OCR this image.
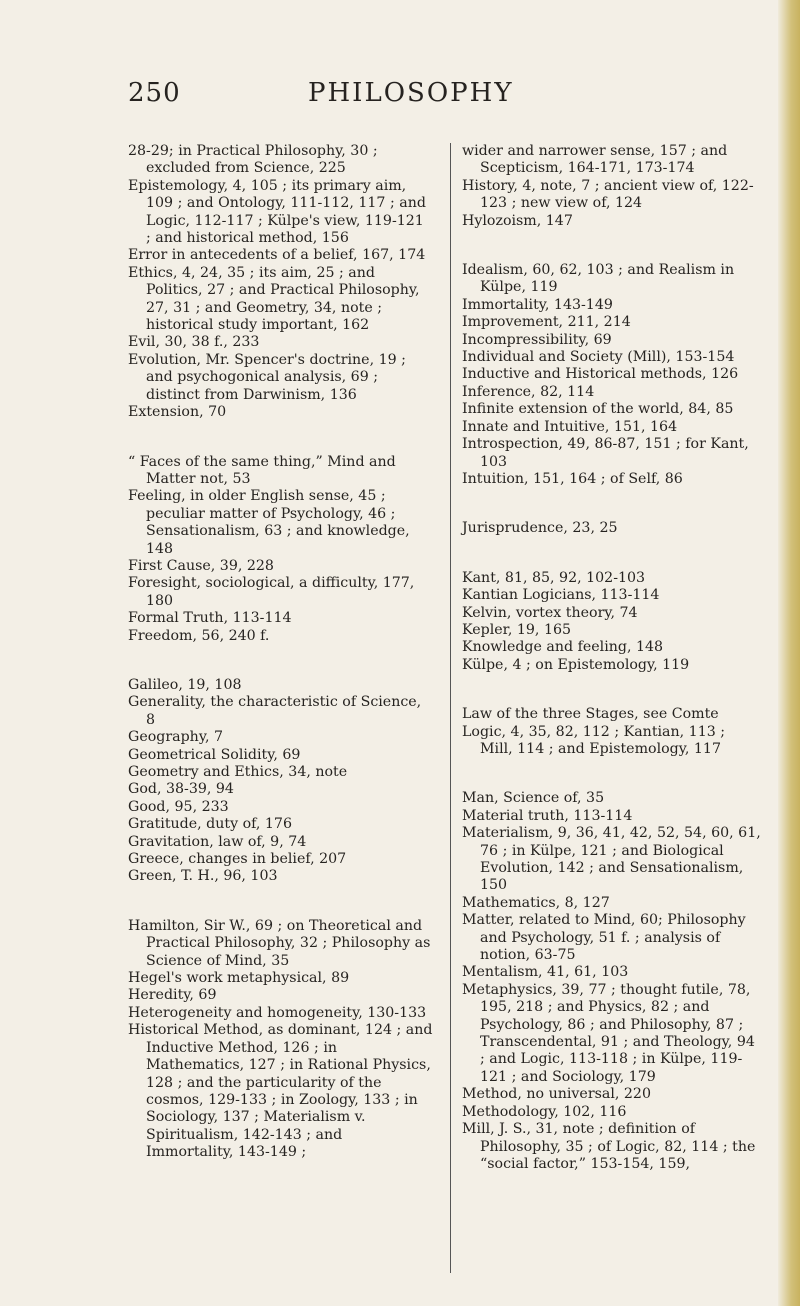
250	PHILOSOPHY

28-29; in Practical Philosophy, 30 ; excluded from Science, 225

Epistemology, 4, 105 ; its primary aim, 109 ; and Ontology, 111-112, 117 ; and Logic, 112-117 ; Külpe's view, 119-121 ; and historical method, 156

Error in antecedents of a belief, 167, 174

Ethics, 4, 24, 35 ; its aim, 25 ; and Politics, 27 ; and Practical Philosophy, 27, 31 ; and Geometry, 34, note ; historical study important, 162

Evil, 30, 38 f., 233

Evolution, Mr. Spencer's doctrine, 19 ; and psychogonical analysis, 69 ; distinct from Darwinism, 136

Extension, 70

“ Faces of the same thing,” Mind and Matter not, 53

Feeling, in older English sense, 45 ; peculiar matter of Psychology, 46 ; Sensationalism, 63 ; and knowledge, 148

First Cause, 39, 228

Foresight, sociological, a difficulty, 177, 180

Formal Truth, 113-114

Freedom, 56, 240 f.

Galileo, 19, 108

Generality, the characteristic of Science, 8

Geography, 7

Geometrical Solidity, 69

Geometry and Ethics, 34, note

God, 38-39, 94

Good, 95, 233

Gratitude, duty of, 176

Gravitation, law of, 9, 74

Greece, changes in belief, 207

Green, T. H., 96, 103

Hamilton, Sir W., 69 ; on Theoretical and Practical Philosophy, 32 ; Philosophy as Science of Mind, 35

Hegel's work metaphysical, 89

Heredity, 69

Heterogeneity and homogeneity, 130-133

Historical Method, as dominant, 124 ; and Inductive Method, 126 ; in Mathematics, 127 ; in Rational Physics, 128 ; and the particularity of the cosmos, 129-133 ; in Zoology, 133 ; in Sociology, 137 ; Materialism v. Spiritualism, 142-143 ; and Immortality, 143-149 ;

wider and narrower sense, 157 ; and Scepticism, 164-171, 173-174

History, 4, note, 7 ; ancient view of, 122-123 ; new view of, 124

Hylozoism, 147

Idealism, 60, 62, 103 ; and Realism in Külpe, 119

Immortality, 143-149

Improvement, 211, 214

Incompressibility, 69

Individual and Society (Mill), 153-154

Inductive and Historical methods, 126

Inference, 82, 114

Infinite extension of the world, 84, 85

Innate and Intuitive, 151, 164

Introspection, 49, 86-87, 151 ; for Kant, 103

Intuition, 151, 164 ; of Self, 86

Jurisprudence, 23, 25

Kant, 81, 85, 92, 102-103

Kantian Logicians, 113-114

Kelvin, vortex theory, 74

Kepler, 19, 165

Knowledge and feeling, 148

Külpe, 4 ; on Epistemology, 119

Law of the three Stages, see Comte

Logic, 4, 35, 82, 112 ; Kantian, 113 ; Mill, 114 ; and Epistemology, 117

Man, Science of, 35

Material truth, 113-114

Materialism, 9, 36, 41, 42, 52, 54, 60, 61, 76 ; in Külpe, 121 ; and Biological Evolution, 142 ; and Sensationalism, 150

Mathematics, 8, 127

Matter, related to Mind, 60; Philosophy and Psychology, 51 f. ; analysis of notion, 63-75

Mentalism, 41, 61, 103

Metaphysics, 39, 77 ; thought futile, 78, 195, 218 ; and Physics, 82 ; and Psychology, 86 ; and Philosophy, 87 ; Transcendental, 91 ; and Theology, 94 ; and Logic, 113-118 ; in Külpe, 119-121 ; and Sociology, 179

Method, no universal, 220

Methodology, 102, 116

Mill, J. S., 31, note ; definition of Philosophy, 35 ; of Logic, 82, 114 ; the “social factor,” 153-154, 159,
